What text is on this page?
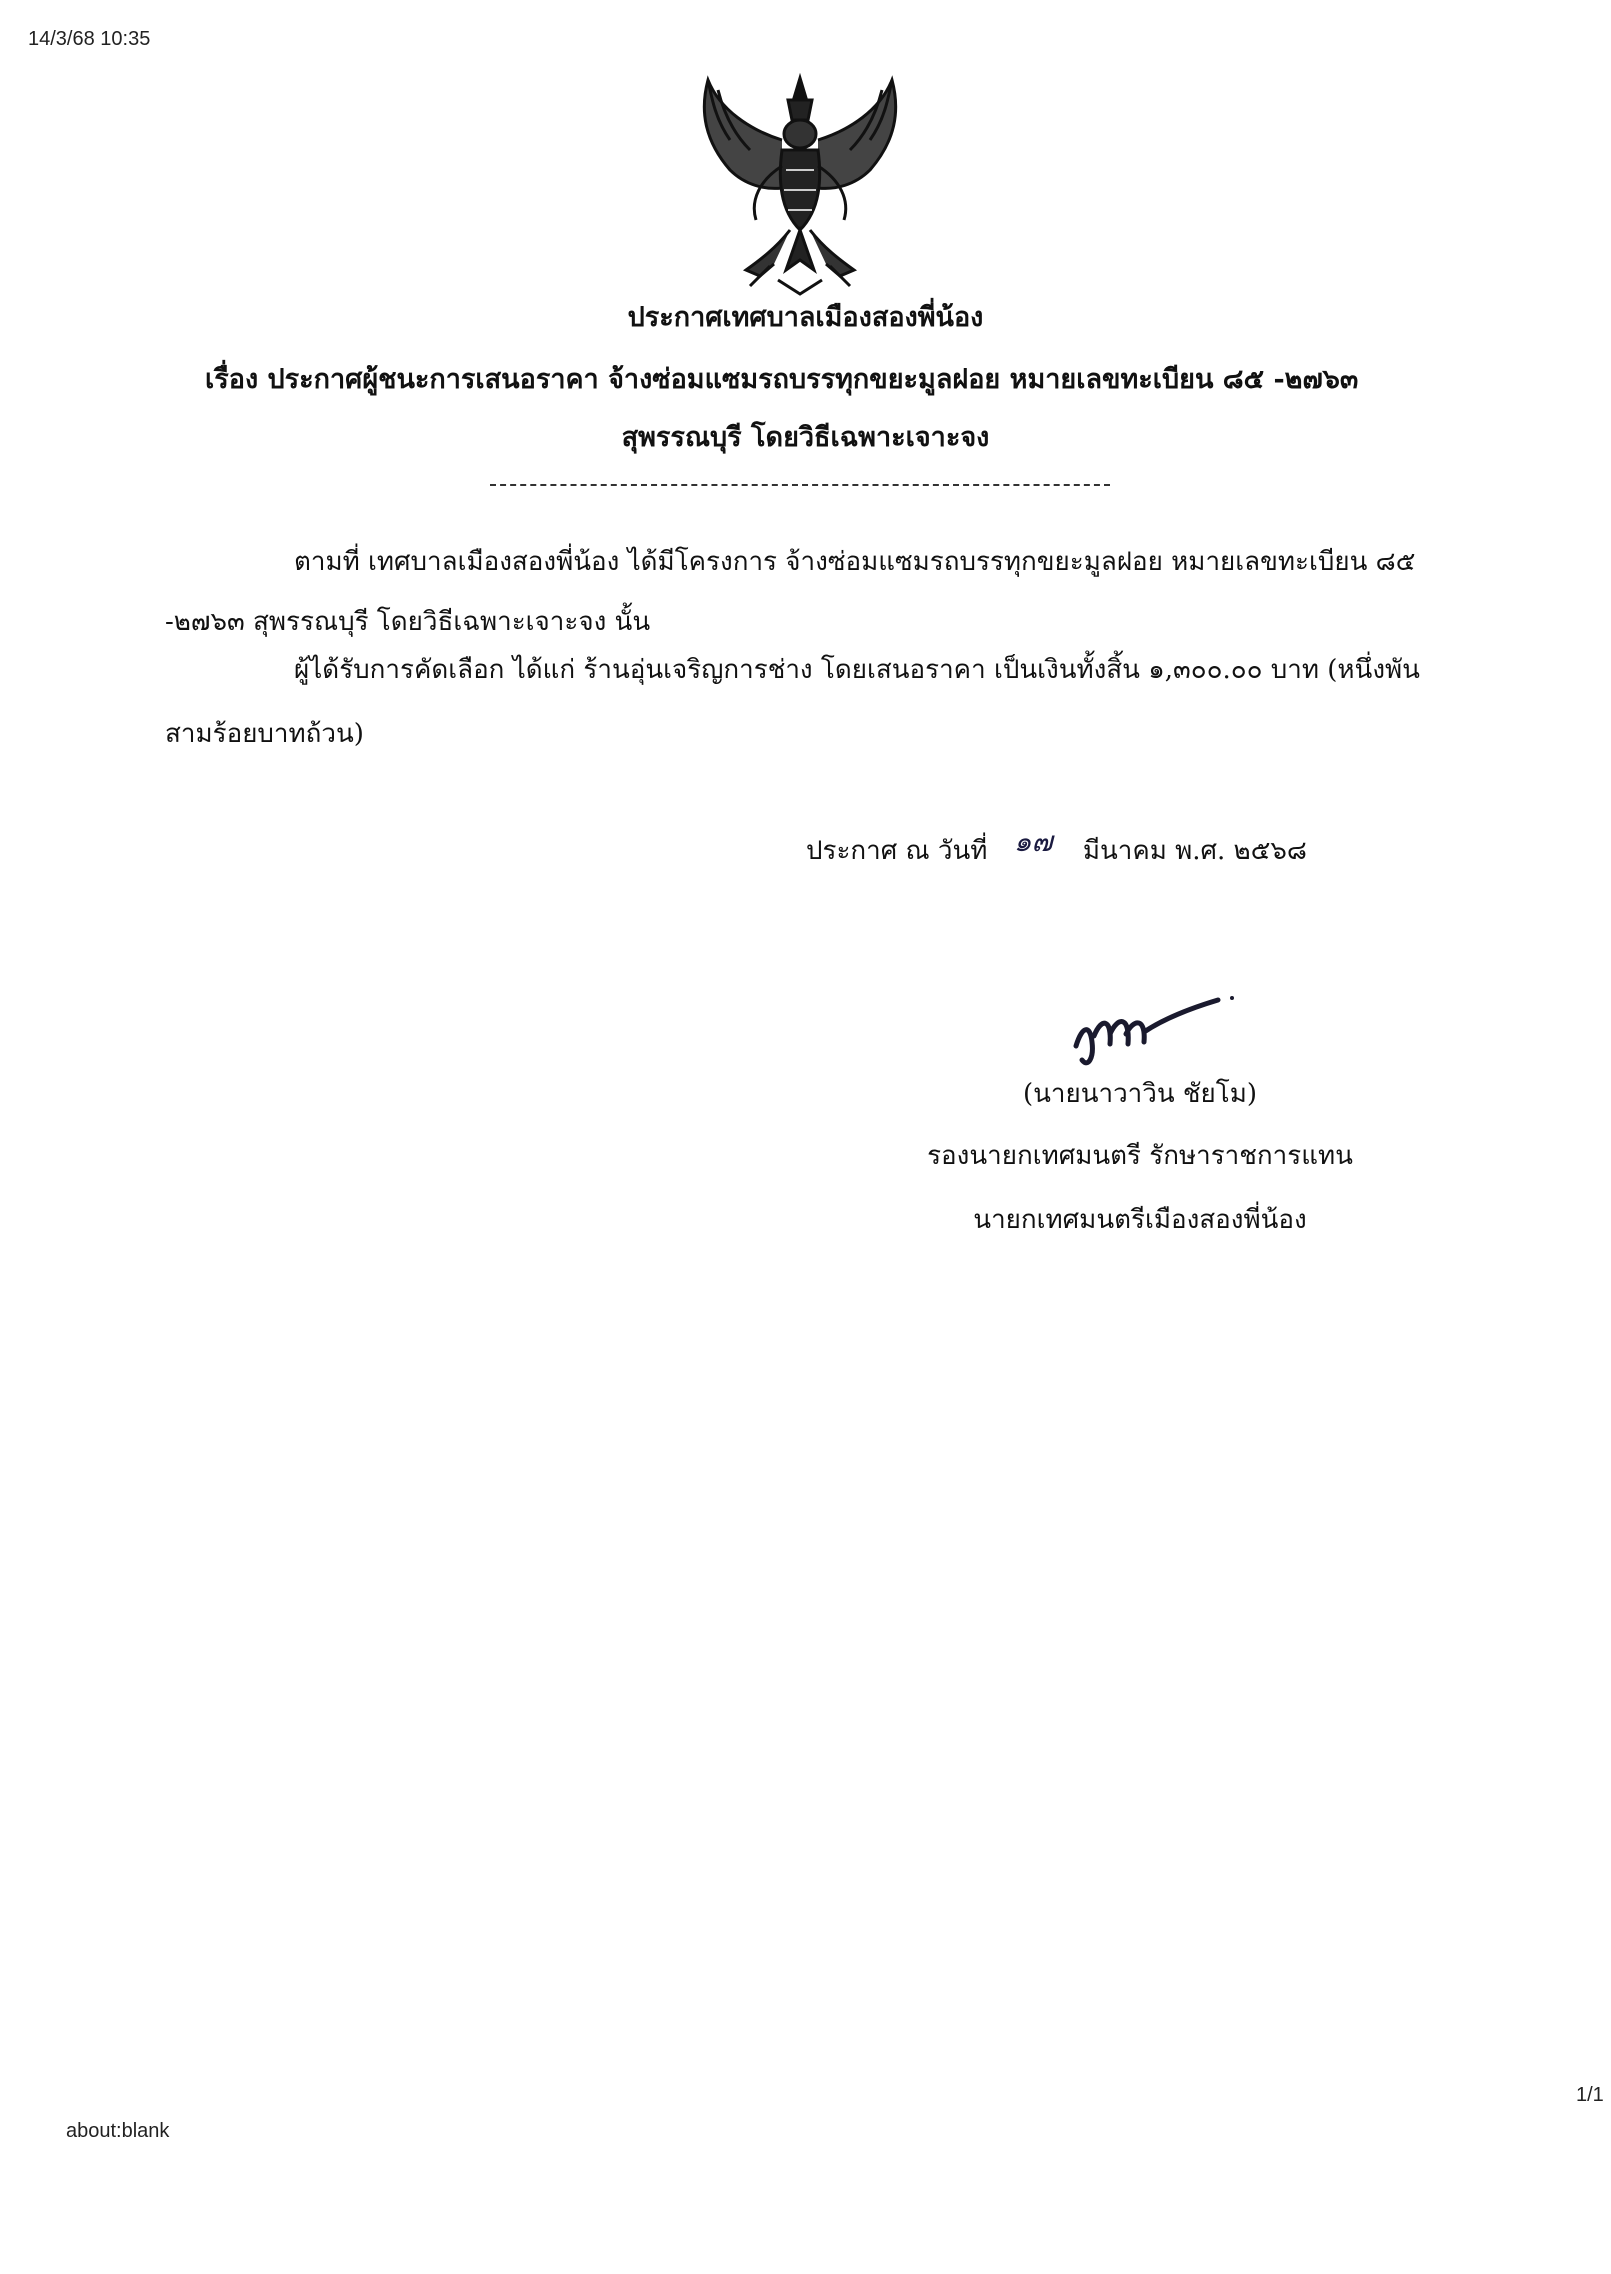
14/3/68 10:35
ประกาศเทศบาลเมืองสองพี่น้อง
เรื่อง ประกาศผู้ชนะการเสนอราคา จ้างซ่อมแซมรถบรรทุกขยะมูลฝอย หมายเลขทะเบียน ๘๕ -๒๗๖๓
สุพรรณบุรี โดยวิธีเฉพาะเจาะจง
ตามที่ เทศบาลเมืองสองพี่น้อง ได้มีโครงการ จ้างซ่อมแซมรถบรรทุกขยะมูลฝอย หมายเลขทะเบียน ๘๕
-๒๗๖๓ สุพรรณบุรี โดยวิธีเฉพาะเจาะจง นั้น
ผู้ได้รับการคัดเลือก ได้แก่ ร้านอุ่นเจริญการช่าง โดยเสนอราคา เป็นเงินทั้งสิ้น ๑,๓๐๐.๐๐ บาท (หนึ่งพัน
สามร้อยบาทถ้วน)
ประกาศ ณ วันที่ ๑๗ มีนาคม พ.ศ. ๒๕๖๘
(นายนาวาวิน ชัยโม)
รองนายกเทศมนตรี รักษาราชการแทน
นายกเทศมนตรีเมืองสองพี่น้อง
1/1
about:blank
